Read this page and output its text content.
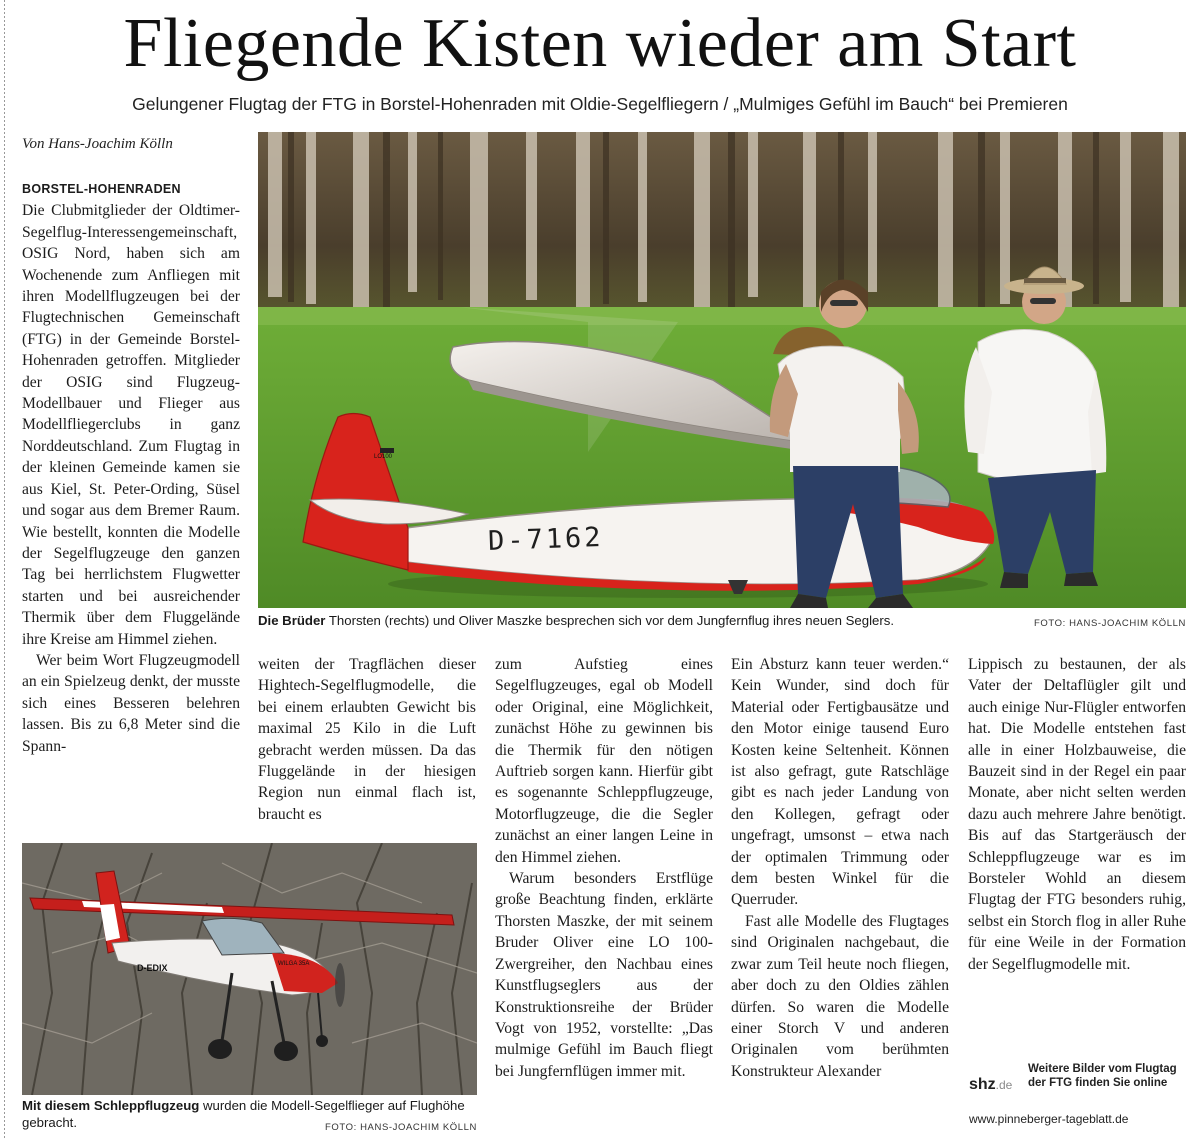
Fliegende Kisten wieder am Start
Gelungener Flugtag der FTG in Borstel-Hohenraden mit Oldie-Segelfliegern / „Mulmiges Gefühl im Bauch“ bei Premieren
Von Hans-Joachim Kölln
D-7162
LO100
Die Brüder Thorsten (rechts) und Oliver Maszke besprechen sich vor dem Jungfernflug ihres neuen Seglers.	FOTO: HANS-JOACHIM KÖLLN
D-EDIX	WILGA 35A
Mit diesem Schleppflugzeug wurden die Modell-Segelflieger auf Flughöhe gebracht.	FOTO: HANS-JOACHIM KÖLLN

BORSTEL-HOHENRADEN
Die Clubmitglieder der Oldtimer-Segelflug-Interessengemeinschaft, OSIG Nord, haben sich am Wochenende zum Anfliegen mit ihren Modellflugzeugen bei der Flugtechnischen Gemeinschaft (FTG) in der Gemeinde Borstel-Hohenraden getroffen. Mitglieder der OSIG sind Flugzeug-Modellbauer und Flieger aus Modellfliegerclubs in ganz Norddeutschland. Zum Flugtag in der kleinen Gemeinde kamen sie aus Kiel, St. Peter-Ording, Süsel und sogar aus dem Bremer Raum. Wie bestellt, konnten die Modelle der Segelflugzeuge den ganzen Tag bei herrlichstem Flugwetter starten und bei ausreichender Thermik über dem Fluggelände ihre Kreise am Himmel ziehen.

Wer beim Wort Flugzeugmodell an ein Spielzeug denkt, der musste sich eines Besseren belehren lassen. Bis zu 6,8 Meter sind die Spann-

weiten der Tragflächen dieser Hightech-Segelflugmodelle, die bei einem erlaubten Gewicht bis maximal 25 Kilo in die Luft gebracht werden müssen. Da das Fluggelände in der hiesigen Region nun einmal flach ist, braucht es

zum Aufstieg eines Segelflugzeuges, egal ob Modell oder Original, eine Möglichkeit, zunächst Höhe zu gewinnen bis die Thermik für den nötigen Auftrieb sorgen kann. Hierfür gibt es sogenannte Schleppflugzeuge, Motorflugzeuge, die die Segler zunächst an einer langen Leine in den Himmel ziehen.

Warum besonders Erstflüge große Beachtung finden, erklärte Thorsten Maszke, der mit seinem Bruder Oliver eine LO 100-Zwergreiher, den Nachbau eines Kunstflugseglers aus der Konstruktionsreihe der Brüder Vogt von 1952, vorstellte: „Das mulmige Gefühl im Bauch fliegt bei Jungfernflügen immer mit.

Ein Absturz kann teuer werden.“ Kein Wunder, sind doch für Material oder Fertigbausätze und den Motor einige tausend Euro Kosten keine Seltenheit. Können ist also gefragt, gute Ratschläge gibt es nach jeder Landung von den Kollegen, gefragt oder ungefragt, umsonst – etwa nach der optimalen Trimmung oder dem besten Winkel für die Querruder.

Fast alle Modelle des Flugtages sind Originalen nachgebaut, die zwar zum Teil heute noch fliegen, aber doch zu den Oldies zählen dürfen. So waren die Modelle einer Storch V und anderen Originalen vom berühmten Konstrukteur Alexander

Lippisch zu bestaunen, der als Vater der Deltaflügler gilt und auch einige Nur-Flügler entworfen hat. Die Modelle entstehen fast alle in einer Holzbauweise, die Bauzeit sind in der Regel ein paar Monate, aber nicht selten werden dazu auch mehrere Jahre benötigt. Bis auf das Startgeräusch der Schleppflugzeuge war es im Borsteler Wohld an diesem Flugtag der FTG besonders ruhig, selbst ein Storch flog in aller Ruhe für eine Weile in der Formation der Segelflugmodelle mit.

shz.de
Weitere Bilder vom Flugtag der FTG finden Sie online
www.pinneberger-tageblatt.de
